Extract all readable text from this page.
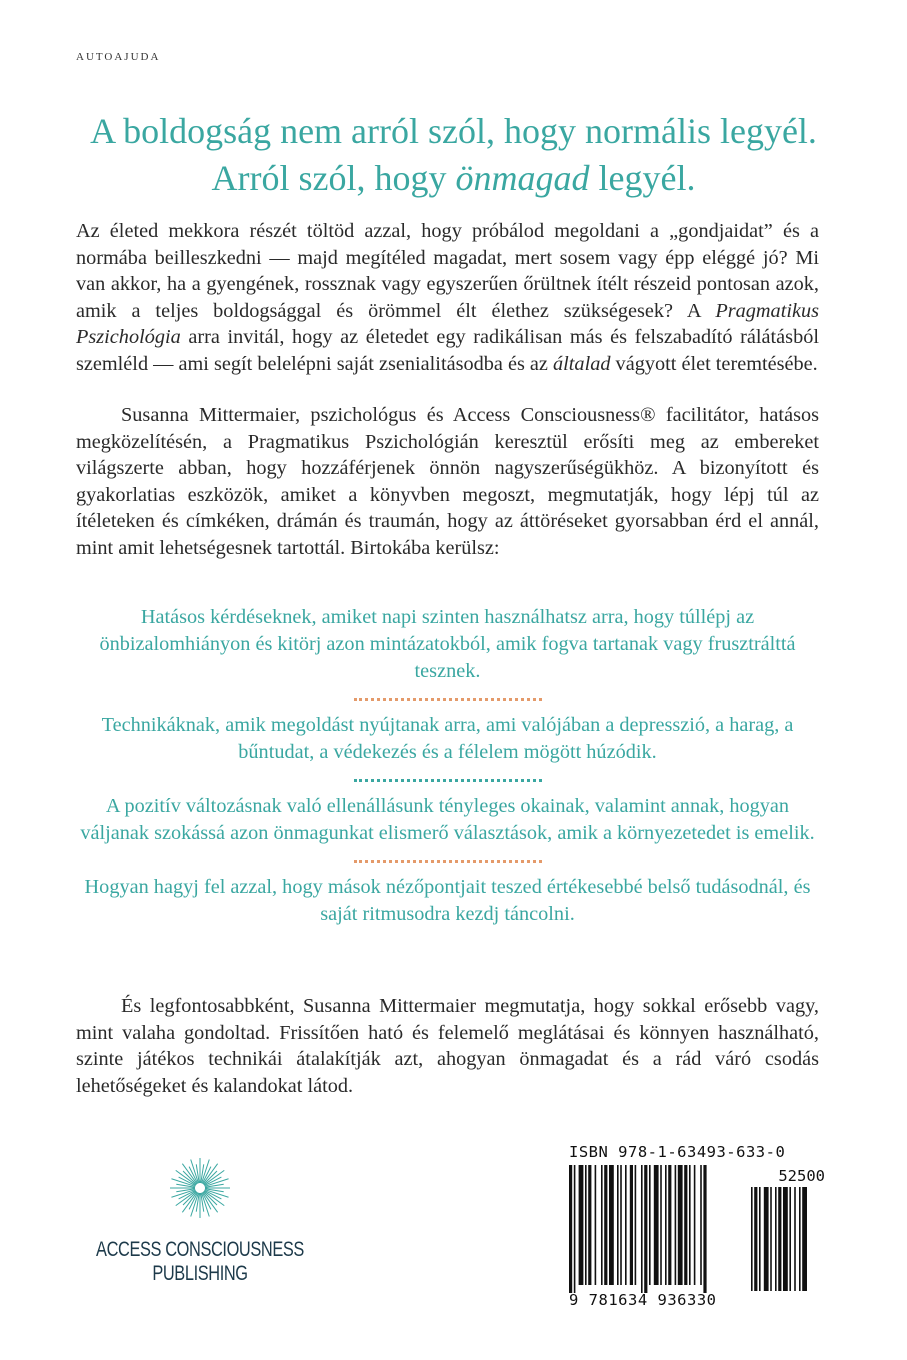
AUTOAJUDA
A boldogság nem arról szól, hogy normális legyél.
Arról szól, hogy önmagad legyél.
Az életed mekkora részét töltöd azzal, hogy próbálod megoldani a „gondjaidat” és a normába beilleszkedni — majd megítéled magadat, mert sosem vagy épp eléggé jó? Mi van akkor, ha a gyengének, rossznak vagy egyszerűen őrültnek ítélt részeid pontosan azok, amik a teljes boldogsággal és örömmel élt élethez szükségesek? A Pragmatikus Pszichológia arra invitál, hogy az életedet egy radikálisan más és felszabadító rálátásból szemléld — ami segít belelépni saját zsenialitásodba és az általad vágyott élet teremtésébe.
Susanna Mittermaier, pszichológus és Access Consciousness® facilitátor, hatásos megközelítésén, a Pragmatikus Pszichológián keresztül erősíti meg az embereket világszerte abban, hogy hozzáférjenek önnön nagyszerűségükhöz. A bizonyított és gyakorlatias eszközök, amiket a könyvben megoszt, megmutatják, hogy lépj túl az ítéleteken és címkéken, drámán és traumán, hogy az áttöréseket gyorsabban érd el annál, mint amit lehetségesnek tartottál. Birtokába kerülsz:

Hatásos kérdéseknek, amiket napi szinten használhatsz arra, hogy túllépj az önbizalomhiányon és kitörj azon mintázatokból, amik fogva tartanak vagy frusztrálttá tesznek.

Technikáknak, amik megoldást nyújtanak arra, ami valójában a depresszió, a harag, a bűntudat, a védekezés és a félelem mögött húzódik.

A pozitív változásnak való ellenállásunk tényleges okainak, valamint annak, hogyan váljanak szokássá azon önmagunkat elismerő választások, amik a környezetedet is emelik.

Hogyan hagyj fel azzal, hogy mások nézőpontjait teszed értékesebbé belső tudásodnál, és saját ritmusodra kezdj táncolni.

És legfontosabbként, Susanna Mittermaier megmutatja, hogy sokkal erősebb vagy, mint valaha gondoltad. Frissítően ható és felemelő meglátásai és könnyen használható, szinte játékos technikái átalakítják azt, ahogyan önmagadat és a rád váró csodás lehetőségeket és kalandokat látod.
ACCESS CONSCIOUSNESS
PUBLISHING
ISBN 978-1-63493-633-0
52500
9 781634 936330
